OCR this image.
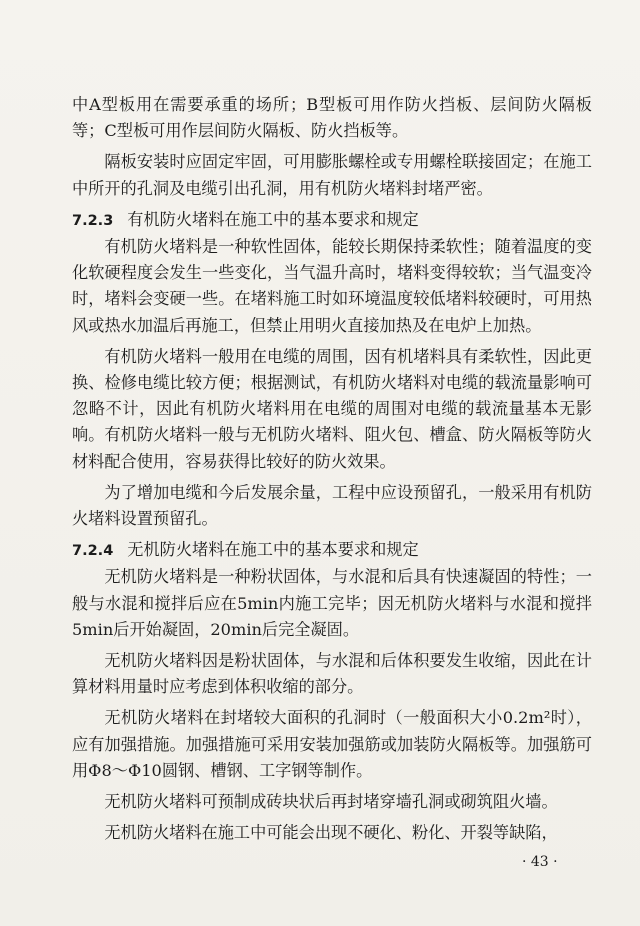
中A型板用在需要承重的场所；B型板可用作防火挡板、层间防火隔板等；C型板可用作层间防火隔板、防火挡板等。

隔板安装时应固定牢固，可用膨胀螺栓或专用螺栓联接固定；在施工中所开的孔洞及电缆引出孔洞，用有机防火堵料封堵严密。

7.2.3 有机防火堵料在施工中的基本要求和规定

有机防火堵料是一种软性固体，能较长期保持柔软性；随着温度的变化软硬程度会发生一些变化，当气温升高时，堵料变得较软；当气温变冷时，堵料会变硬一些。在堵料施工时如环境温度较低堵料较硬时，可用热风或热水加温后再施工，但禁止用明火直接加热及在电炉上加热。

有机防火堵料一般用在电缆的周围，因有机堵料具有柔软性，因此更换、检修电缆比较方便；根据测试，有机防火堵料对电缆的载流量影响可忽略不计，因此有机防火堵料用在电缆的周围对电缆的载流量基本无影响。有机防火堵料一般与无机防火堵料、阻火包、槽盒、防火隔板等防火材料配合使用，容易获得比较好的防火效果。

为了增加电缆和今后发展余量，工程中应设预留孔，一般采用有机防火堵料设置预留孔。

7.2.4 无机防火堵料在施工中的基本要求和规定

无机防火堵料是一种粉状固体，与水混和后具有快速凝固的特性；一般与水混和搅拌后应在5min内施工完毕；因无机防火堵料与水混和搅拌5min后开始凝固，20min后完全凝固。

无机防火堵料因是粉状固体，与水混和后体积要发生收缩，因此在计算材料用量时应考虑到体积收缩的部分。

无机防火堵料在封堵较大面积的孔洞时（一般面积大小0.2m²时），应有加强措施。加强措施可采用安装加强筋或加装防火隔板等。加强筋可用Φ8～Φ10圆钢、槽钢、工字钢等制作。

无机防火堵料可预制成砖块状后再封堵穿墙孔洞或砌筑阻火墙。

无机防火堵料在施工中可能会出现不硬化、粉化、开裂等缺陷，

· 43 ·
